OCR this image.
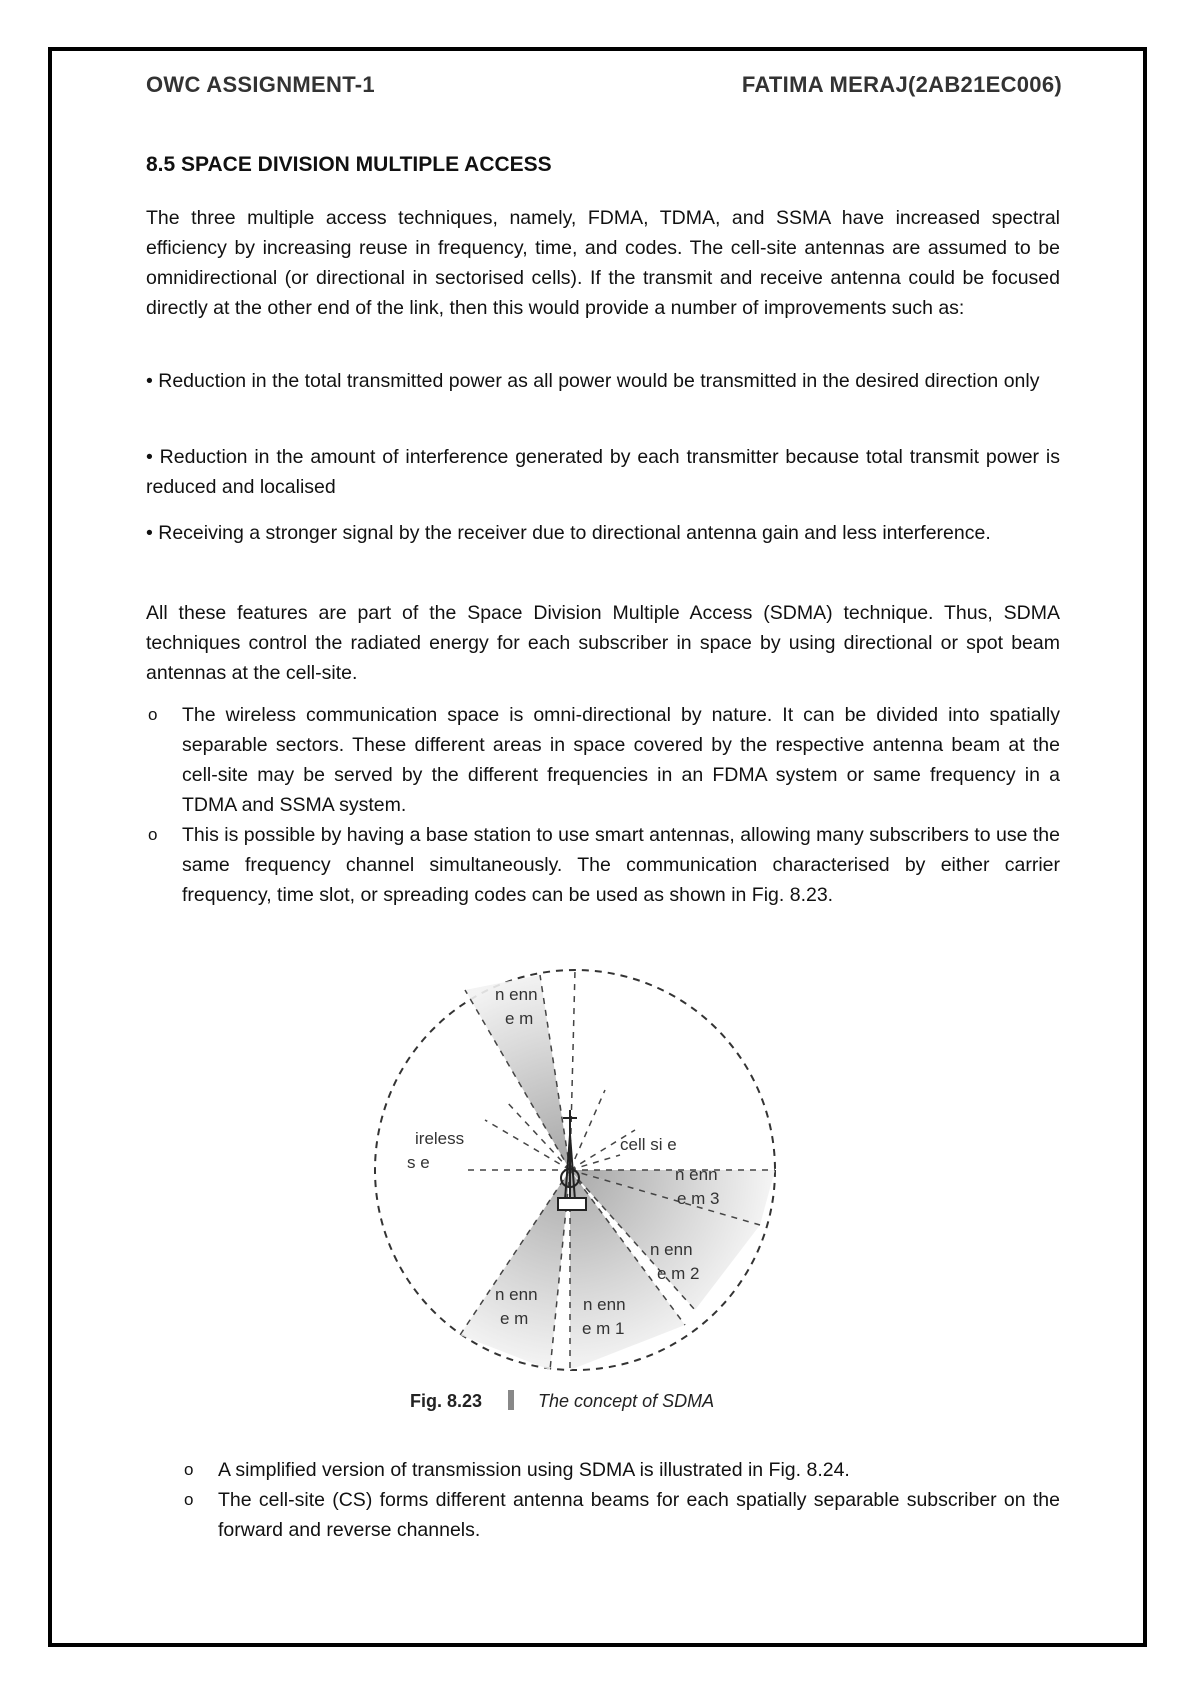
OWC ASSIGNMENT-1	FATIMA MERAJ(2AB21EC006)
8.5 SPACE DIVISION MULTIPLE ACCESS

The three multiple access techniques, namely, FDMA, TDMA, and SSMA have increased spectral efficiency by increasing reuse in frequency, time, and codes. The cell-site antennas are assumed to be omnidirectional (or directional in sectorised cells). If the transmit and receive antenna could be focused directly at the other end of the link, then this would provide a number of improvements such as:

• Reduction in the total transmitted power as all power would be transmitted in the desired direction only

• Reduction in the amount of interference generated by each transmitter because total transmit power is reduced and localised

• Receiving a stronger signal by the receiver due to directional antenna gain and less interference.

All these features are part of the Space Division Multiple Access (SDMA) technique. Thus, SDMA techniques control the radiated energy for each subscriber in space by using directional or spot beam antennas at the cell-site.

o The wireless communication space is omni-directional by nature. It can be divided into spatially separable sectors. These different areas in space covered by the respective antenna beam at the cell-site may be served by the different frequencies in an FDMA system or same frequency in a TDMA and SSMA system.
o This is possible by having a base station to use smart antennas, allowing many subscribers to use the same frequency channel simultaneously. The communication characterised by either carrier frequency, time slot, or spreading codes can be used as shown in Fig. 8.23.
n enn
e m
ireless
s e
cell si e
n enn
e m 3
n enn
e m 2
n enn
e m 1
n enn
e m
Fig. 8.23	The concept of SDMA
o A simplified version of transmission using SDMA is illustrated in Fig. 8.24.
o The cell-site (CS) forms different antenna beams for each spatially separable subscriber on the forward and reverse channels.
